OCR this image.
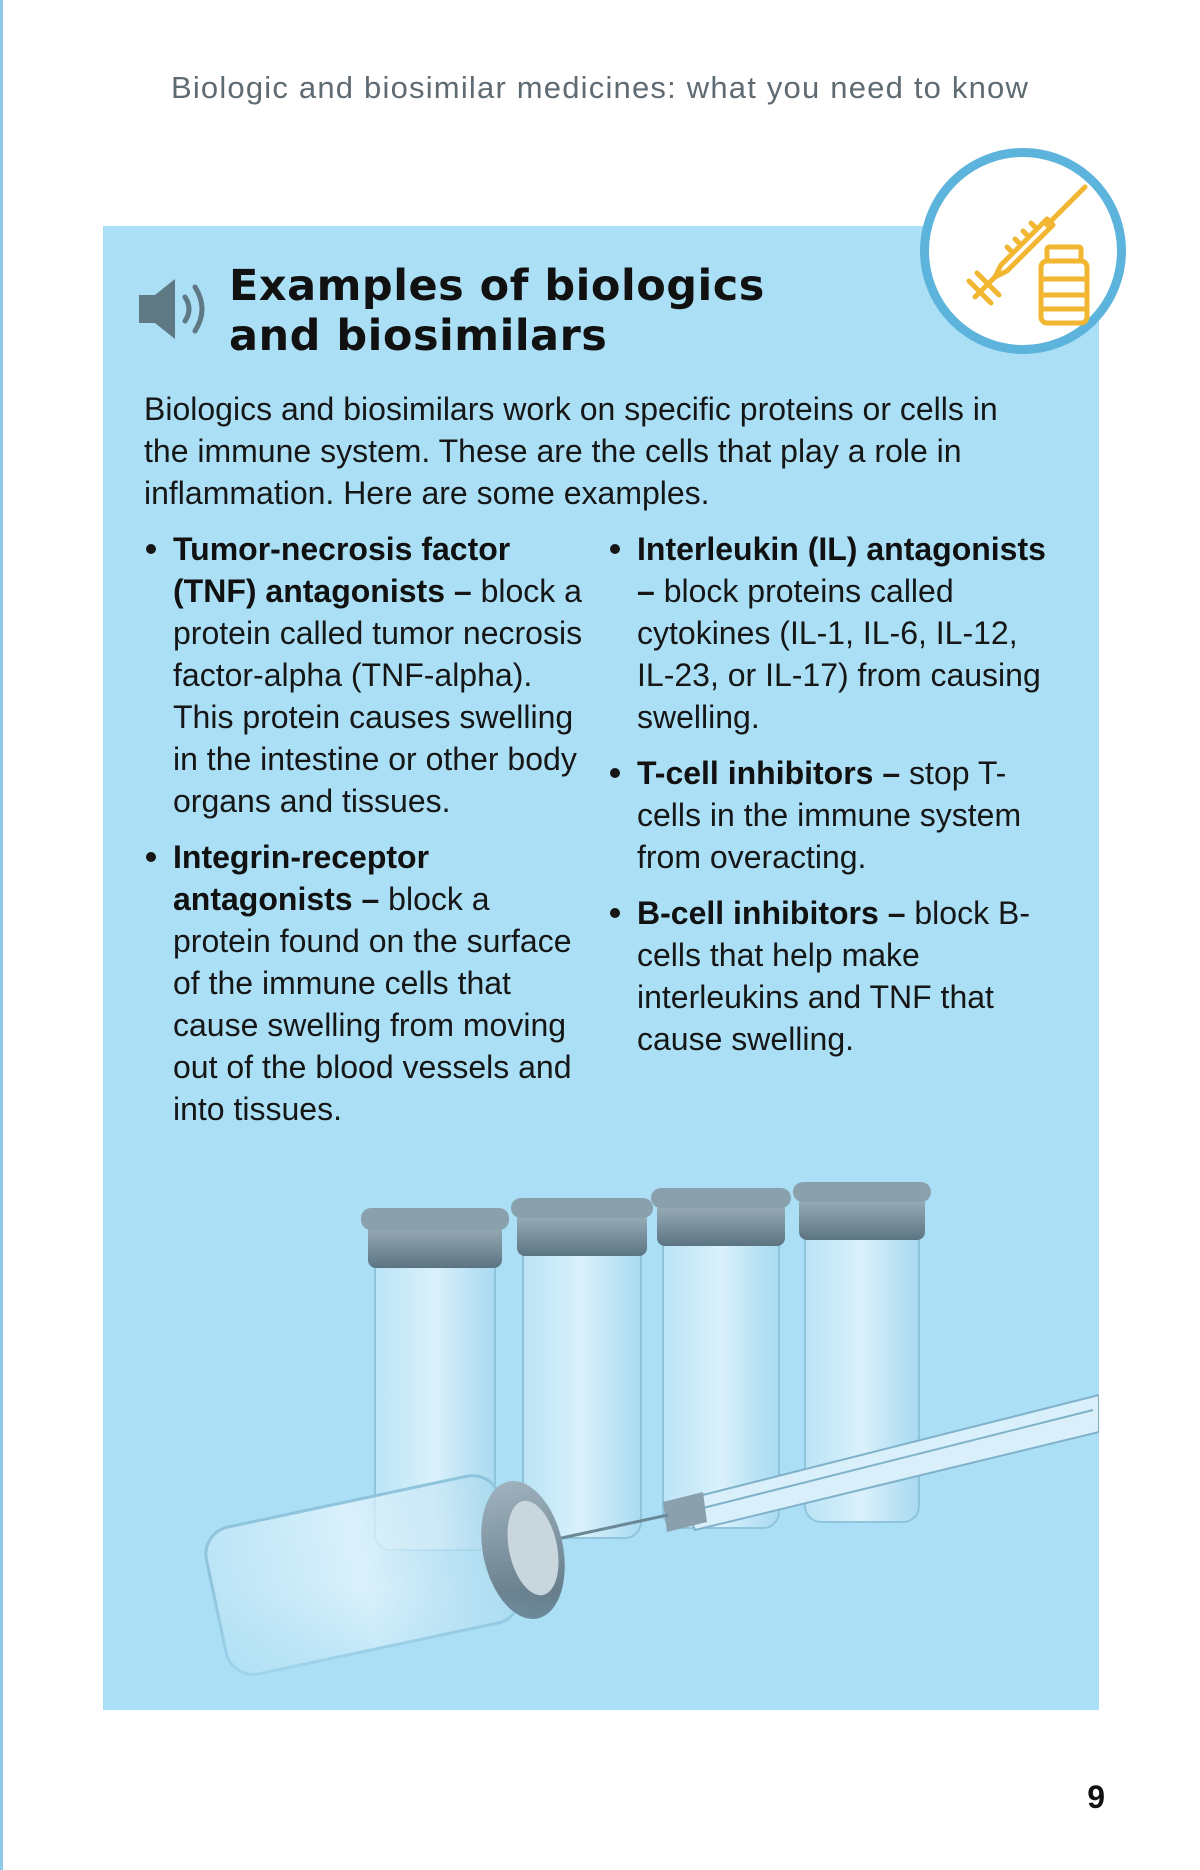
Biologic and biosimilar medicines: what you need to know
Examples of biologics
and biosimilars

Biologics and biosimilars work on specific proteins or cells in the immune system. These are the cells that play a role in inflammation. Here are some examples.

Tumor-necrosis factor (TNF) antagonists – block a protein called tumor necrosis factor-alpha (TNF-alpha). This protein causes swelling in the intestine or other body organs and tissues.
Integrin-receptor antagonists – block a protein found on the surface of the immune cells that cause swelling from moving out of the blood vessels and into tissues.
Interleukin (IL) antagonists – block proteins called cytokines (IL-1, IL-6, IL-12, IL-23, or IL-17) from causing swelling.
T-cell inhibitors – stop T-cells in the immune system from overacting.
B-cell inhibitors – block B-cells that help make interleukins and TNF that cause swelling.
9
